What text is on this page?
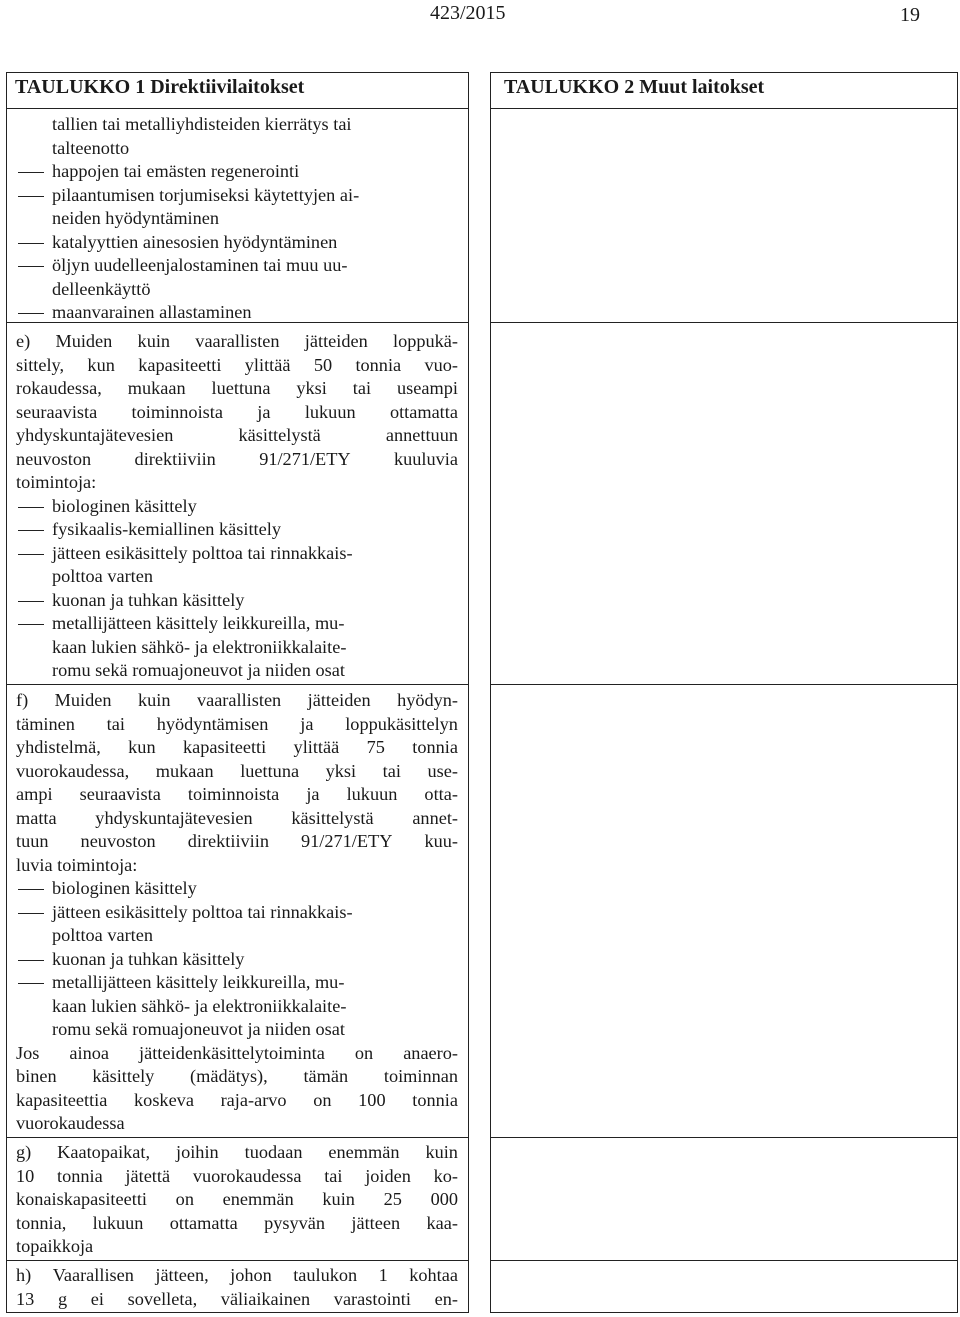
423/2015	19
TAULUKKO 1 Direktiivilaitokset	TAULUKKO 2 Muut laitokset
tallien tai metalliyhdisteiden kierrätys tai
talteenotto
happojen tai emästen regenerointi
pilaantumisen torjumiseksi käytettyjen ai-
neiden hyödyntäminen
katalyyttien ainesosien hyödyntäminen
öljyn uudelleenjalostaminen tai muu uu-
delleenkäyttö
maanvarainen allastaminen
e) Muiden kuin vaarallisten jätteiden loppukä-
sittely, kun kapasiteetti ylittää 50 tonnia vuo-
rokaudessa, mukaan luettuna yksi tai useampi
seuraavista toiminnoista ja lukuun ottamatta
yhdyskuntajätevesien	käsittelystä	annettuun
neuvoston direktiiviin 91/271/ETY kuuluvia
toimintoja:
biologinen käsittely
fysikaalis-kemiallinen käsittely
jätteen esikäsittely polttoa tai rinnakkais-
polttoa varten
kuonan ja tuhkan käsittely
metallijätteen käsittely leikkureilla, mu-
kaan lukien sähkö- ja elektroniikkalaite-
romu sekä romuajoneuvot ja niiden osat
f) Muiden kuin vaarallisten jätteiden hyödyn-
täminen tai hyödyntämisen ja loppukäsittelyn
yhdistelmä, kun kapasiteetti ylittää 75 tonnia
vuorokaudessa, mukaan luettuna yksi tai use-
ampi seuraavista toiminnoista ja lukuun otta-
matta yhdyskuntajätevesien käsittelystä annet-
tuun neuvoston direktiiviin 91/271/ETY kuu-
luvia toimintoja:
biologinen käsittely
jätteen esikäsittely polttoa tai rinnakkais-
polttoa varten
kuonan ja tuhkan käsittely
metallijätteen käsittely leikkureilla, mu-
kaan lukien sähkö- ja elektroniikkalaite-
romu sekä romuajoneuvot ja niiden osat
Jos ainoa jätteidenkäsittelytoiminta on anaero-
binen käsittely (mädätys), tämän toiminnan
kapasiteettia koskeva raja-arvo on 100 tonnia
vuorokaudessa
g) Kaatopaikat, joihin tuodaan enemmän kuin
10 tonnia jätettä vuorokaudessa tai joiden ko-
konaiskapasiteetti on enemmän kuin 25 000
tonnia, lukuun ottamatta pysyvän jätteen kaa-
topaikkoja
h) Vaarallisen jätteen, johon taulukon 1 kohtaa
13 g ei sovelleta, väliaikainen varastointi en-
